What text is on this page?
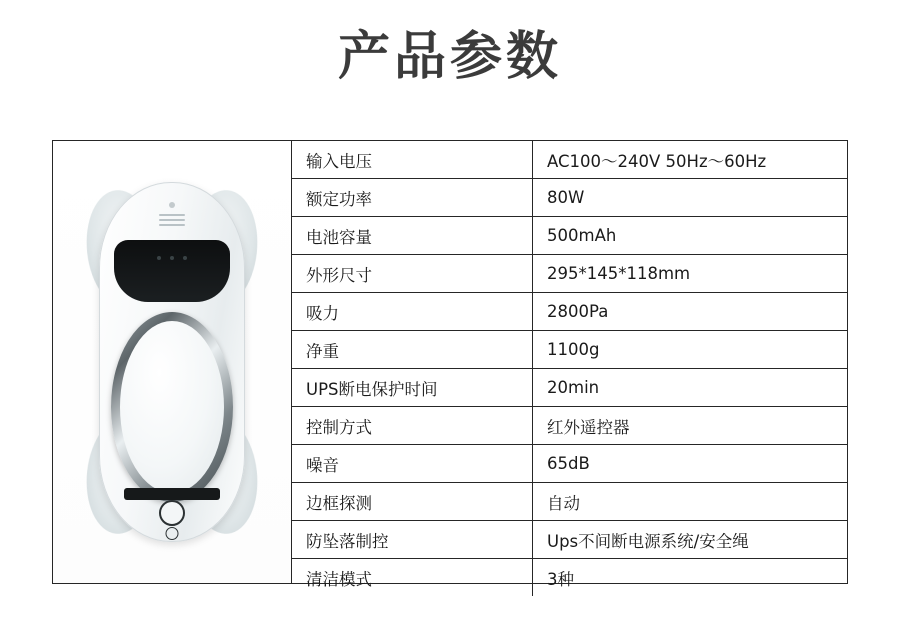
产品参数
输入电压	AC100～240V 50Hz～60Hz
额定功率	80W
电池容量	500mAh
外形尺寸	295*145*118mm
吸力	2800Pa
净重	1100g
UPS断电保护时间	20min
控制方式	红外遥控器
噪音	65dB
边框探测	自动
防坠落制控	Ups不间断电源系统/安全绳
清洁模式	3种
